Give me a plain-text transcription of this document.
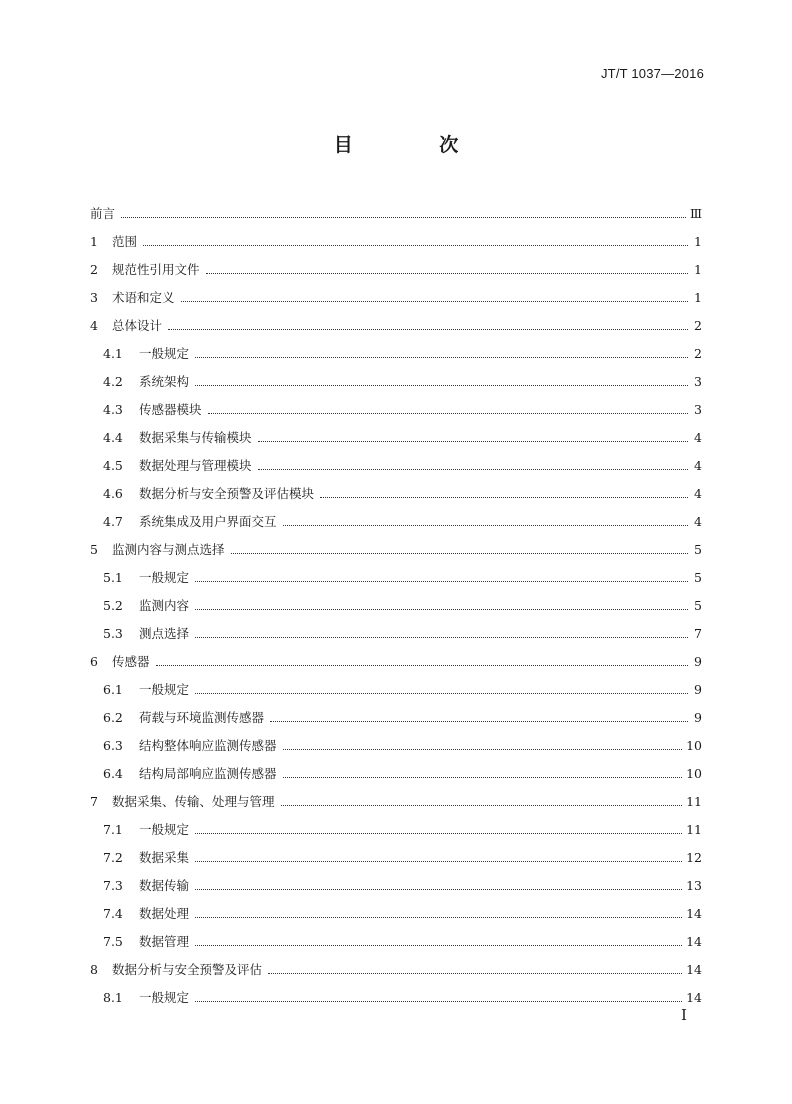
JT/T 1037—2016
目 次
前言	Ⅲ
1	范围	1
2	规范性引用文件	1
3	术语和定义	1
4	总体设计	2
4.1	一般规定	2
4.2	系统架构	3
4.3	传感器模块	3
4.4	数据采集与传输模块	4
4.5	数据处理与管理模块	4
4.6	数据分析与安全预警及评估模块	4
4.7	系统集成及用户界面交互	4
5	监测内容与测点选择	5
5.1	一般规定	5
5.2	监测内容	5
5.3	测点选择	7
6	传感器	9
6.1	一般规定	9
6.2	荷载与环境监测传感器	9
6.3	结构整体响应监测传感器	10
6.4	结构局部响应监测传感器	10
7	数据采集、传输、处理与管理	11
7.1	一般规定	11
7.2	数据采集	12
7.3	数据传输	13
7.4	数据处理	14
7.5	数据管理	14
8	数据分析与安全预警及评估	14
8.1	一般规定	14
I
